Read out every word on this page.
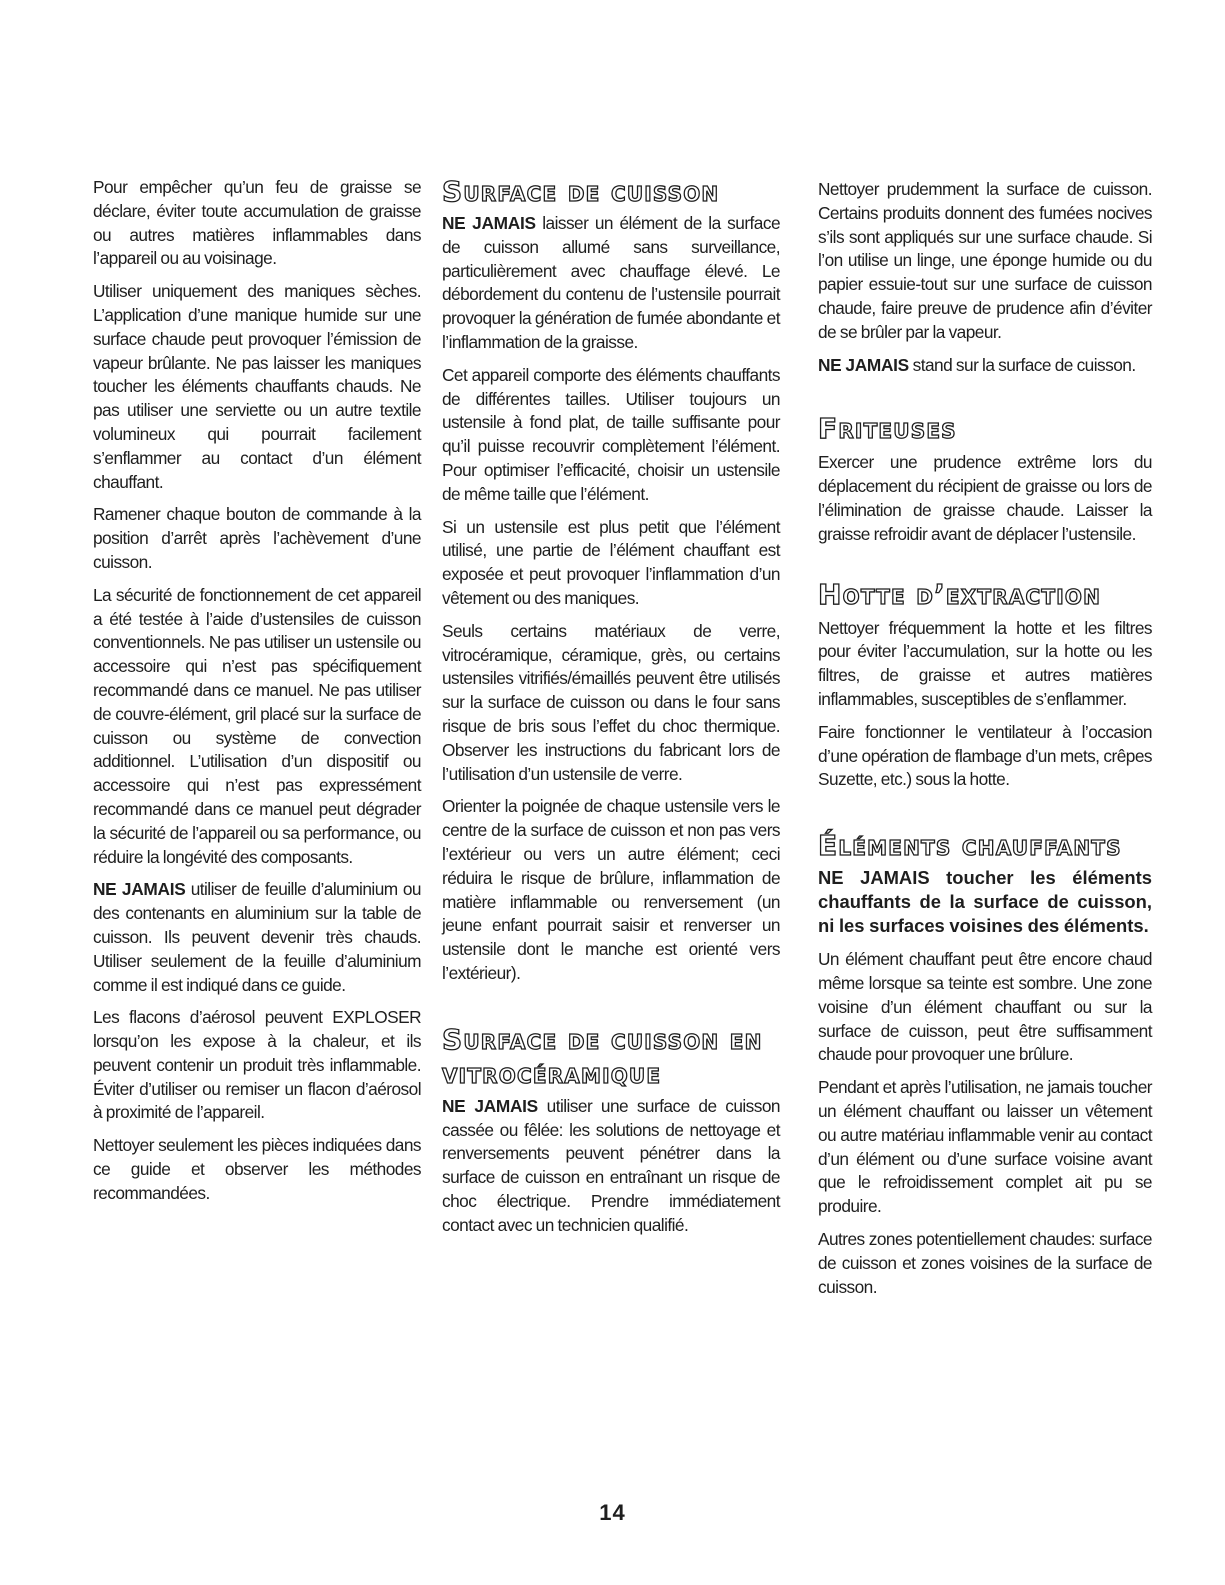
Pour empêcher qu’un feu de graisse se déclare, éviter toute accumulation de graisse ou autres matières inflammables dans l’appareil ou au voisinage.

Utiliser uniquement des maniques sèches. L’application d’une manique humide sur une surface chaude peut provoquer l’émission de vapeur brûlante. Ne pas laisser les maniques toucher les éléments chauffants chauds. Ne pas utiliser une serviette ou un autre textile volumineux qui pourrait facilement s’enflammer au contact d’un élément chauffant.

Ramener chaque bouton de commande à la position d’arrêt après l’achèvement d’une cuisson.

La sécurité de fonctionnement de cet appareil a été testée à l’aide d’ustensiles de cuisson conventionnels. Ne pas utiliser un ustensile ou accessoire qui n’est pas spécifiquement recommandé dans ce manuel. Ne pas utiliser de couvre-élément, gril placé sur la surface de cuisson ou système de convection additionnel. L’utilisation d’un dispositif ou accessoire qui n’est pas expressément recommandé dans ce manuel peut dégrader la sécurité de l’appareil ou sa performance, ou réduire la longévité des composants.

NE JAMAIS utiliser de feuille d’aluminium ou des contenants en aluminium sur la table de cuisson. Ils peuvent devenir très chauds. Utiliser seulement de la feuille d’aluminium comme il est indiqué dans ce guide.

Les flacons d’aérosol peuvent EXPLOSER lorsqu’on les expose à la chaleur, et ils peuvent contenir un produit très inflammable. Éviter d’utiliser ou remiser un flacon d’aérosol à proximité de l’appareil.

Nettoyer seulement les pièces indiquées dans ce guide et observer les méthodes recommandées.

Surface de cuisson

NE JAMAIS laisser un élément de la surface de cuisson allumé sans surveillance, particulièrement avec chauffage élevé. Le débordement du contenu de l’ustensile pourrait provoquer la génération de fumée abondante et l’inflammation de la graisse.

Cet appareil comporte des éléments chauffants de différentes tailles. Utiliser toujours un ustensile à fond plat, de taille suffisante pour qu’il puisse recouvrir complètement l’élément. Pour optimiser l’efficacité, choisir un ustensile de même taille que l’élément.

Si un ustensile est plus petit que l’élément utilisé, une partie de l’élément chauffant est exposée et peut provoquer l’inflammation d’un vêtement ou des maniques.

Seuls certains matériaux de verre, vitrocéramique, céramique, grès, ou certains ustensiles vitrifiés/émaillés peuvent être utilisés sur la surface de cuisson ou dans le four sans risque de bris sous l’effet du choc thermique. Observer les instructions du fabricant lors de l’utilisation d’un ustensile de verre.

Orienter la poignée de chaque ustensile vers le centre de la surface de cuisson et non pas vers l’extérieur ou vers un autre élément; ceci réduira le risque de brûlure, inflammation de matière inflammable ou renversement (un jeune enfant pourrait saisir et renverser un ustensile dont le manche est orienté vers l’extérieur).

Surface de cuisson en
vitrocéramique

NE JAMAIS utiliser une surface de cuisson cassée ou fêlée: les solutions de nettoyage et renversements peuvent pénétrer dans la surface de cuisson en entraînant un risque de choc électrique. Prendre immédiatement contact avec un technicien qualifié.

Nettoyer prudemment la surface de cuisson. Certains produits donnent des fumées nocives s’ils sont appliqués sur une surface chaude. Si l’on utilise un linge, une éponge humide ou du papier essuie-tout sur une surface de cuisson chaude, faire preuve de prudence afin d’éviter de se brûler par la vapeur.

NE JAMAIS stand sur la surface de cuisson.

Friteuses

Exercer une prudence extrême lors du déplacement du récipient de graisse ou lors de l’élimination de graisse chaude. Laisser la graisse refroidir avant de déplacer l’ustensile.

Hotte d’extraction

Nettoyer fréquemment la hotte et les filtres pour éviter l’accumulation, sur la hotte ou les filtres, de graisse et autres matières inflammables, susceptibles de s’enflammer.

Faire fonctionner le ventilateur à l’occasion d’une opération de flambage d’un mets, crêpes Suzette, etc.) sous la hotte.

Éléments chauffants

NE JAMAIS toucher les éléments chauffants de la surface de cuisson, ni les surfaces voisines des éléments.

Un élément chauffant peut être encore chaud même lorsque sa teinte est sombre. Une zone voisine d’un élément chauffant ou sur la surface de cuisson, peut être suffisamment chaude pour provoquer une brûlure.

Pendant et après l’utilisation, ne jamais toucher un élément chauffant ou laisser un vêtement ou autre matériau inflammable venir au contact d’un élément ou d’une surface voisine avant que le refroidissement complet ait pu se produire.

Autres zones potentiellement chaudes: surface de cuisson et zones voisines de la surface de cuisson.

14
